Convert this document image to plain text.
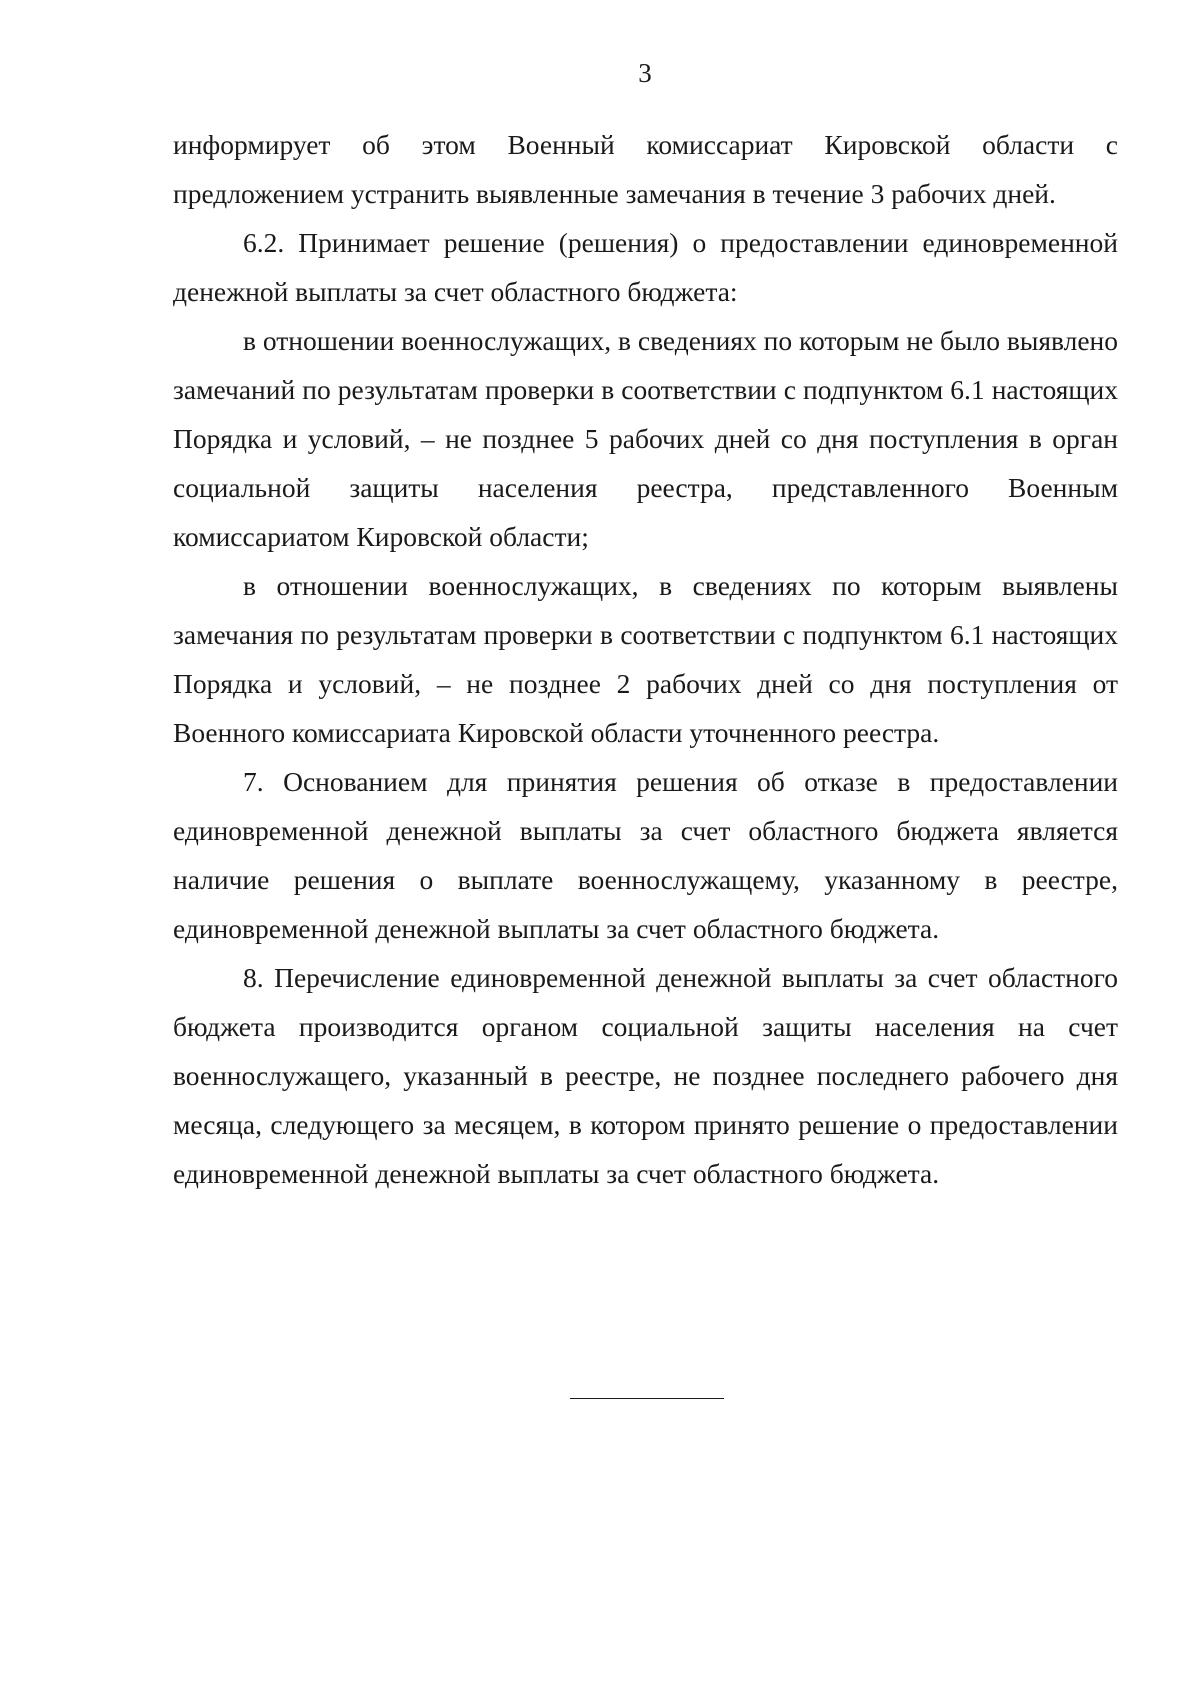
3

информирует об этом Военный комиссариат Кировской области с предложением устранить выявленные замечания в течение 3 рабочих дней.

6.2. Принимает решение (решения) о предоставлении единовременной денежной выплаты за счет областного бюджета:

в отношении военнослужащих, в сведениях по которым не было выявлено замечаний по результатам проверки в соответствии с подпунктом 6.1 настоящих Порядка и условий, – не позднее 5 рабочих дней со дня поступления в орган социальной защиты населения реестра, представленного Военным комиссариатом Кировской области;

в отношении военнослужащих, в сведениях по которым выявлены замечания по результатам проверки в соответствии с подпунктом 6.1 настоящих Порядка и условий, – не позднее 2 рабочих дней со дня поступления от Военного комиссариата Кировской области уточненного реестра.

7. Основанием для принятия решения об отказе в предоставлении единовременной денежной выплаты за счет областного бюджета является наличие решения о выплате военнослужащему, указанному в реестре, единовременной денежной выплаты за счет областного бюджета.

8. Перечисление единовременной денежной выплаты за счет областного бюджета производится органом социальной защиты населения на счет военнослужащего, указанный в реестре, не позднее последнего рабочего дня месяца, следующего за месяцем, в котором принято решение о предоставлении единовременной денежной выплаты за счет областного бюджета.
